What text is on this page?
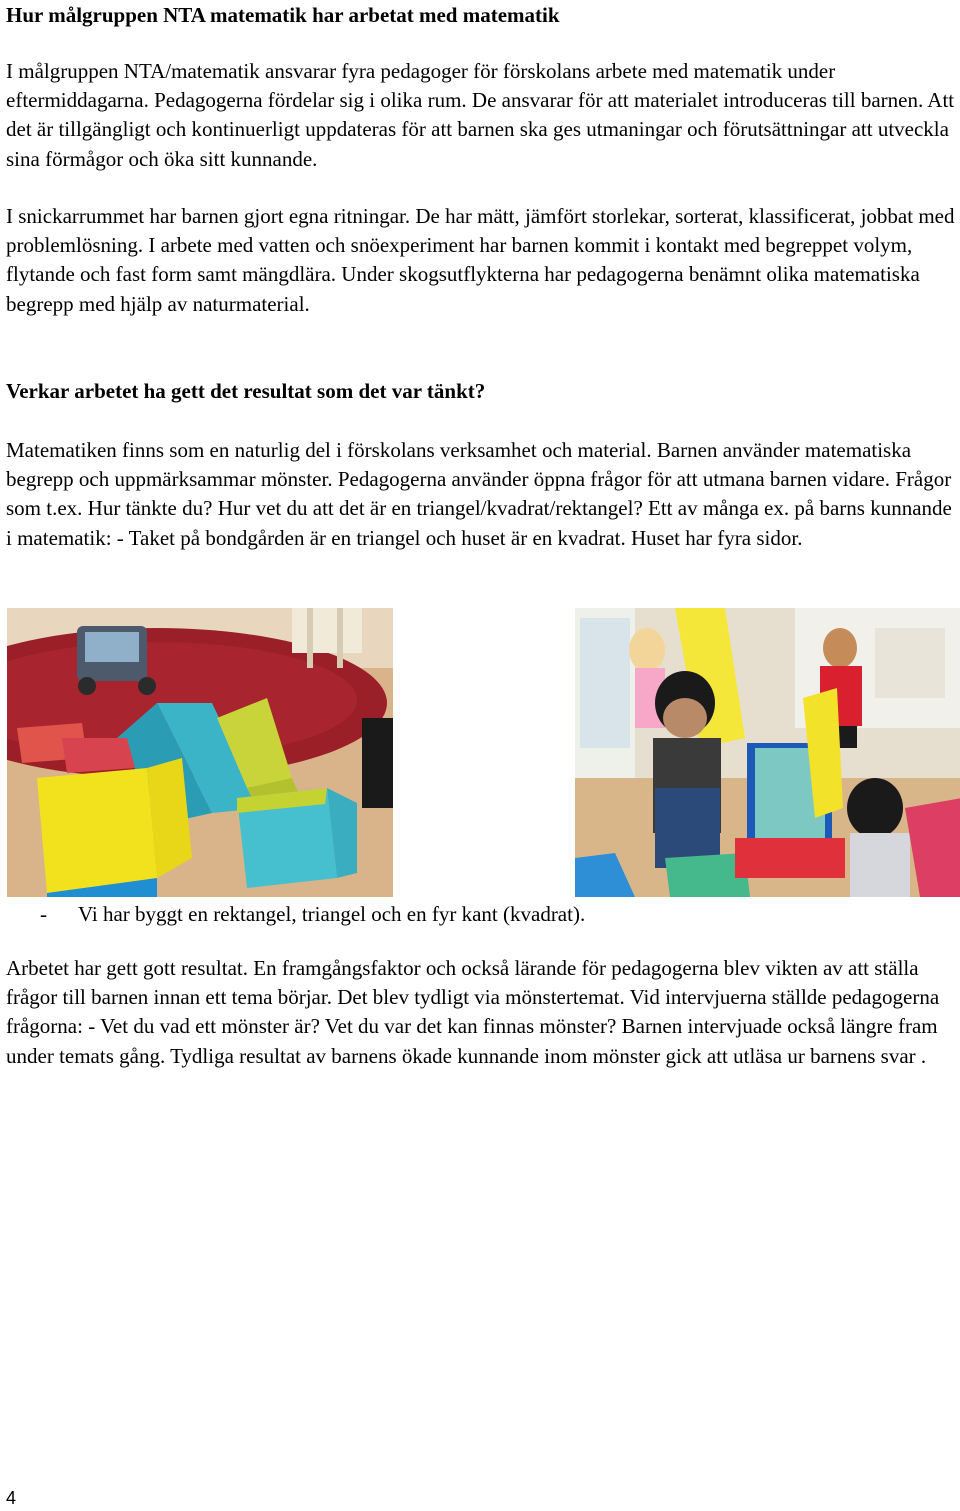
Hur målgruppen NTA matematik har arbetat med matematik

I målgruppen NTA/matematik ansvarar fyra pedagoger för förskolans arbete med matematik under eftermiddagarna. Pedagogerna fördelar sig i olika rum. De ansvarar för att materialet introduceras till barnen. Att det är tillgängligt och kontinuerligt uppdateras för att barnen ska ges utmaningar och förutsättningar att utveckla sina förmågor och öka sitt kunnande.

I snickarrummet har barnen gjort egna ritningar. De har mätt, jämfört storlekar, sorterat, klassificerat, jobbat med problemlösning. I arbete med vatten och snöexperiment har barnen kommit i kontakt med begreppet volym, flytande och fast form samt mängdlära. Under skogsutflykterna har pedagogerna benämnt olika matematiska begrepp med hjälp av naturmaterial.

Verkar arbetet ha gett det resultat som det var tänkt?

Matematiken finns som en naturlig del i förskolans verksamhet och material. Barnen använder matematiska begrepp och uppmärksammar mönster. Pedagogerna använder öppna frågor för att utmana barnen vidare. Frågor som t.ex. Hur tänkte du? Hur vet du att det är en triangel/kvadrat/rektangel? Ett av många ex. på barns kunnande i matematik: - Taket på bondgården är en triangel och huset är en kvadrat. Huset har fyra sidor.

- Vi har byggt en rektangel, triangel och en fyr kant (kvadrat).

Arbetet har gett gott resultat. En framgångsfaktor och också lärande för pedagogerna blev vikten av att ställa frågor till barnen innan ett tema börjar. Det blev tydligt via mönstertemat. Vid intervjuerna ställde pedagogerna frågorna: - Vet du vad ett mönster är? Vet du var det kan finnas mönster? Barnen intervjuade också längre fram under temats gång. Tydliga resultat av barnens ökade kunnande inom mönster gick att utläsa ur barnens svar .

4
